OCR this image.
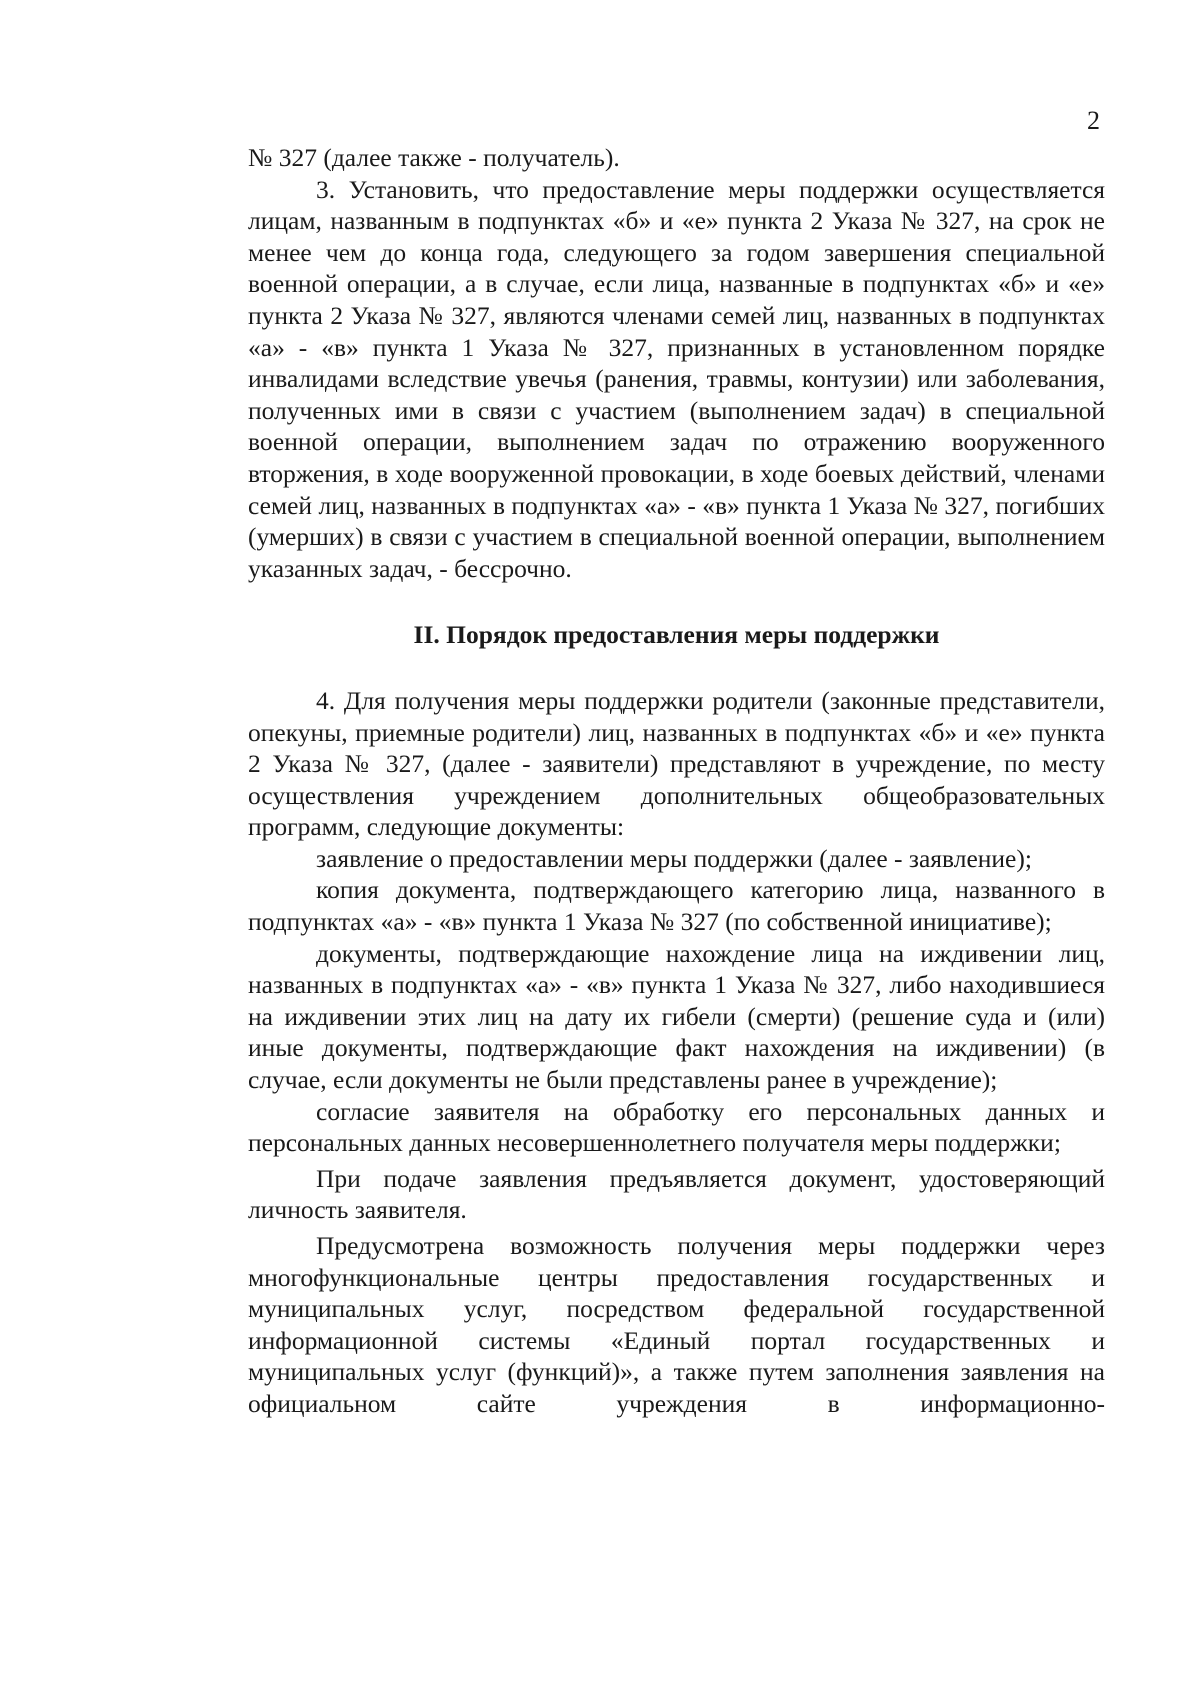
2

№ 327 (далее также - получатель).

3. Установить, что предоставление меры поддержки осуществляется лицам, названным в подпунктах «б» и «е» пункта 2 Указа № 327, на срок не менее чем до конца года, следующего за годом завершения специальной военной операции, а в случае, если лица, названные в подпунктах «б» и «е» пункта 2 Указа № 327, являются членами семей лиц, названных в подпунктах «а» - «в» пункта 1 Указа № 327, признанных в установленном порядке инвалидами вследствие увечья (ранения, травмы, контузии) или заболевания, полученных ими в связи с участием (выполнением задач) в специальной военной операции, выполнением задач по отражению вооруженного вторжения, в ходе вооруженной провокации, в ходе боевых действий, членами семей лиц, названных в подпунктах «а» - «в» пункта 1 Указа № 327, погибших (умерших) в связи с участием в специальной военной операции, выполнением указанных задач, - бессрочно.

II. Порядок предоставления меры поддержки

4. Для получения меры поддержки родители (законные представители, опекуны, приемные родители) лиц, названных в подпунктах «б» и «е» пункта 2 Указа № 327, (далее - заявители) представляют в учреждение, по месту осуществления учреждением дополнительных общеобразовательных программ, следующие документы:

заявление о предоставлении меры поддержки (далее - заявление);

копия документа, подтверждающего категорию лица, названного в подпунктах «а» - «в» пункта 1 Указа № 327 (по собственной инициативе);

документы, подтверждающие нахождение лица на иждивении лиц, названных в подпунктах «а» - «в» пункта 1 Указа № 327, либо находившиеся на иждивении этих лиц на дату их гибели (смерти) (решение суда и (или) иные документы, подтверждающие факт нахождения на иждивении) (в случае, если документы не были представлены ранее в учреждение);

согласие заявителя на обработку его персональных данных и персональных данных несовершеннолетнего получателя меры поддержки;

При подаче заявления предъявляется документ, удостоверяющий личность заявителя.

Предусмотрена возможность получения меры поддержки через многофункциональные центры предоставления государственных и муниципальных услуг, посредством федеральной государственной информационной системы «Единый портал государственных и муниципальных услуг (функций)», а также путем заполнения заявления на официальном сайте учреждения в информационно-
